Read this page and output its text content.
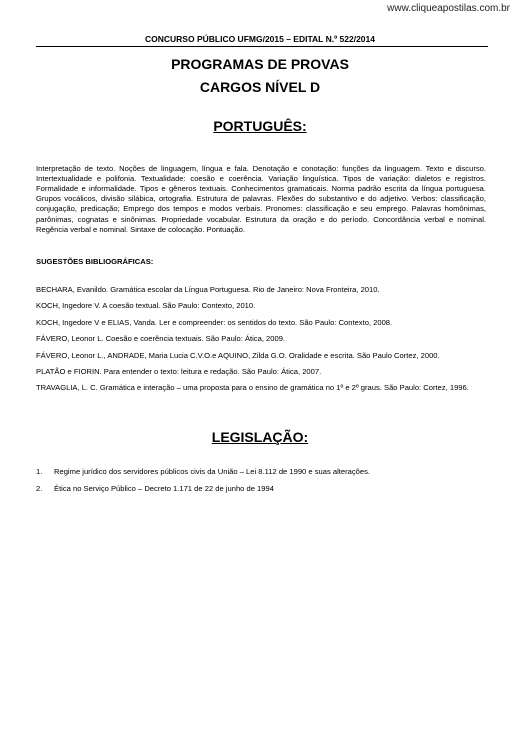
www.cliqueapostilas.com.br
CONCURSO PÚBLICO UFMG/2015 – EDITAL N.º 522/2014
PROGRAMAS DE PROVAS
CARGOS NÍVEL D
PORTUGUÊS:

Interpretação de texto. Noções de linguagem, língua e fala. Denotação e conotação: funções da linguagem. Texto e discurso. Intertextualidade e polifonia. Textualidade: coesão e coerência. Variação linguística. Tipos de variação: dialetos e registros. Formalidade e informalidade. Tipos e gêneros textuais. Conhecimentos gramaticais. Norma padrão escrita da língua portuguesa. Grupos vocálicos, divisão silábica, ortografia. Estrutura de palavras. Flexões do substantivo e do adjetivo. Verbos: classificação, conjugação, predicação; Emprego dos tempos e modos verbais. Pronomes: classificação e seu emprego. Palavras homônimas, parônimas, cognatas e sinônimas. Propriedade vocabular. Estrutura da oração e do período. Concordância verbal e nominal. Regência verbal e nominal. Sintaxe de colocação. Pontuação.

SUGESTÕES BIBLIOGRÁFICAS:
BECHARA, Evanildo. Gramática escolar da Língua Portuguesa. Rio de Janeiro: Nova Fronteira, 2010.
KOCH, Ingedore V. A coesão textual. São Paulo: Contexto, 2010.
KOCH, Ingedore V e ELIAS, Vanda. Ler e compreender: os sentidos do texto. São Paulo: Contexto, 2008.
FÁVERO, Leonor L. Coesão e coerência textuais. São Paulo: Ática, 2009.
FÁVERO, Leonor L., ANDRADE, Maria Lucia C.V.O.e AQUINO, Zilda G.O. Oralidade e escrita. São Paulo Cortez, 2000.
PLATÃO e FIORIN. Para entender o texto: leitura e redação. São Paulo: Ática, 2007.
TRAVAGLIA, L. C. Gramática e interação – uma proposta para o ensino de gramática no 1º e 2º graus. São Paulo: Cortez, 1996.
LEGISLAÇÃO:
1.	Regime jurídico dos servidores públicos civis da União – Lei 8.112 de 1990 e suas alterações.
2.	Ética no Serviço Público – Decreto 1.171 de 22 de junho de 1994
